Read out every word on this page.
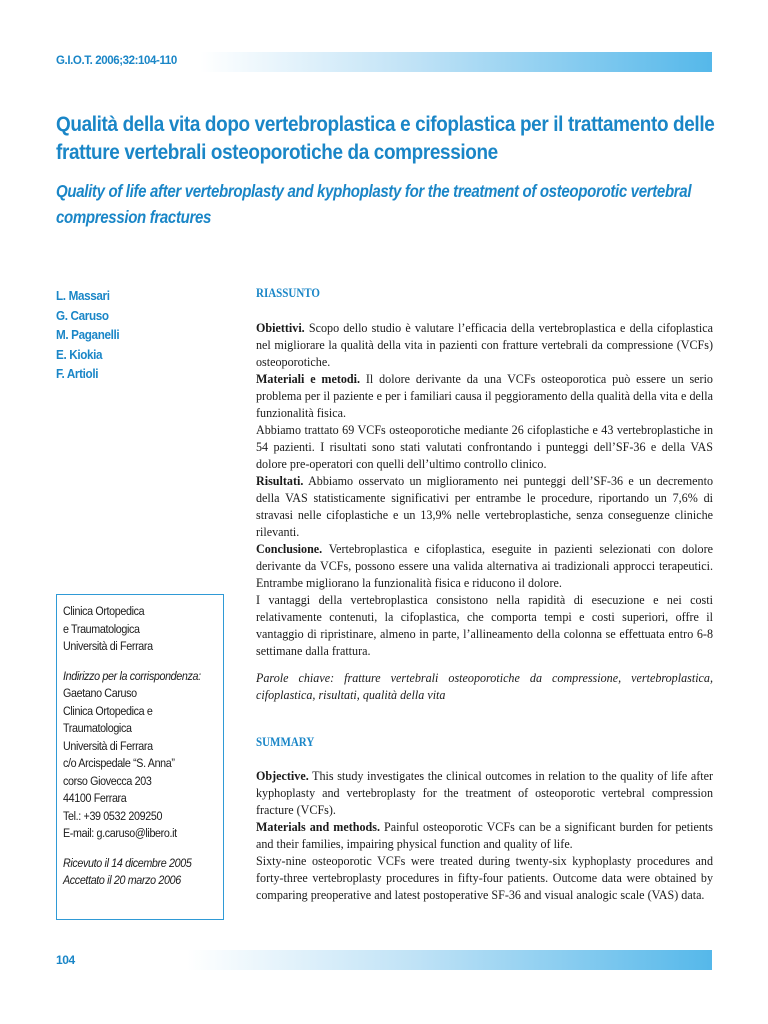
G.I.O.T. 2006;32:104-110
Qualità della vita dopo vertebroplastica e cifoplastica per il trattamento delle fratture vertebrali osteoporotiche da compressione
Quality of life after vertebroplasty and kyphoplasty for the treatment of osteoporotic vertebral compression fractures
L. Massari
G. Caruso
M. Paganelli
E. Kiokia
F. Artioli
Clinica Ortopedica
e Traumatologica
Università di Ferrara
Indirizzo per la corrispondenza:
Gaetano Caruso
Clinica Ortopedica e
Traumatologica
Università di Ferrara
c/o Arcispedale “S. Anna”
corso Giovecca 203
44100 Ferrara
Tel.: +39 0532 209250
E-mail: g.caruso@libero.it
Ricevuto il 14 dicembre 2005
Accettato il 20 marzo 2006
RIASSUNTO

Obiettivi. Scopo dello studio è valutare l’efficacia della vertebroplastica e della cifoplastica nel migliorare la qualità della vita in pazienti con fratture vertebrali da compressione (VCFs) osteoporotiche.

Materiali e metodi. Il dolore derivante da una VCFs osteoporotica può essere un serio problema per il paziente e per i familiari causa il peggioramento della qualità della vita e della funzionalità fisica.

Abbiamo trattato 69 VCFs osteoporotiche mediante 26 cifoplastiche e 43 vertebroplastiche in 54 pazienti. I risultati sono stati valutati confrontando i punteggi dell’SF-36 e della VAS dolore pre-operatori con quelli dell’ultimo controllo clinico.

Risultati. Abbiamo osservato un miglioramento nei punteggi dell’SF-36 e un decremento della VAS statisticamente significativi per entrambe le procedure, riportando un 7,6% di stravasi nelle cifoplastiche e un 13,9% nelle vertebroplastiche, senza conseguenze cliniche rilevanti.

Conclusione. Vertebroplastica e cifoplastica, eseguite in pazienti selezionati con dolore derivante da VCFs, possono essere una valida alternativa ai tradizionali approcci terapeutici. Entrambe migliorano la funzionalità fisica e riducono il dolore.

I vantaggi della vertebroplastica consistono nella rapidità di esecuzione e nei costi relativamente contenuti, la cifoplastica, che comporta tempi e costi superiori, offre il vantaggio di ripristinare, almeno in parte, l’allineamento della colonna se effettuata entro 6-8 settimane dalla frattura.

Parole chiave: fratture vertebrali osteoporotiche da compressione, vertebroplastica, cifoplastica, risultati, qualità della vita

SUMMARY

Objective. This study investigates the clinical outcomes in relation to the quality of life after kyphoplasty and vertebroplasty for the treatment of osteoporotic vertebral compression fracture (VCFs).

Materials and methods. Painful osteoporotic VCFs can be a significant burden for petients and their families, impairing physical function and quality of life.

Sixty-nine osteoporotic VCFs were treated during twenty-six kyphoplasty procedures and forty-three vertebroplasty procedures in fifty-four patients. Outcome data were obtained by comparing preoperative and latest postoperative SF-36 and visual analogic scale (VAS) data.

104
